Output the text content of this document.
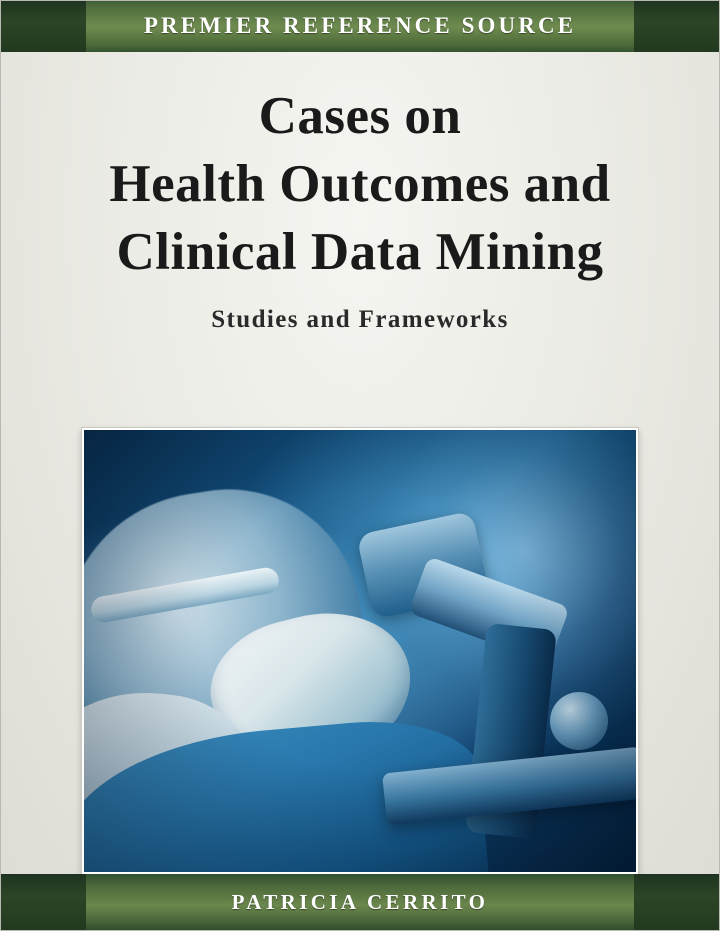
PREMIER REFERENCE SOURCE
Cases on
Health Outcomes and
Clinical Data Mining
Studies and Frameworks
PATRICIA CERRITO
